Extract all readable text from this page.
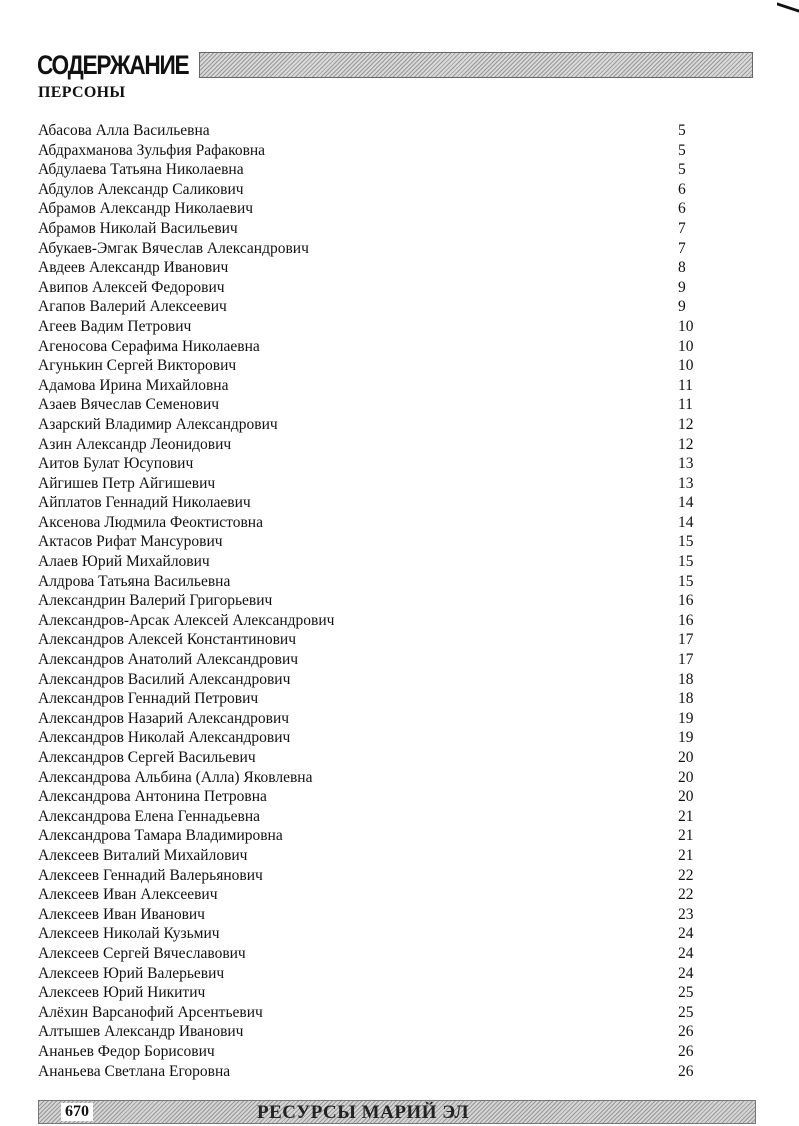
СОДЕРЖАНИЕ
ПЕРСОНЫ
Абасова Алла Васильевна	5
Абдрахманова Зульфия Рафаковна	5
Абдулаева Татьяна Николаевна	5
Абдулов Александр Саликович	6
Абрамов Александр Николаевич	6
Абрамов Николай Васильевич	7
Абукаев-Эмгак Вячеслав Александрович	7
Авдеев Александр Иванович	8
Авипов Алексей Федорович	9
Агапов Валерий Алексеевич	9
Агеев Вадим Петрович	10
Агеносова Серафима Николаевна	10
Агунькин Сергей Викторович	10
Адамова Ирина Михайловна	11
Азаев Вячеслав Семенович	11
Азарский Владимир Александрович	12
Азин Александр Леонидович	12
Аитов Булат Юсупович	13
Айгишев Петр Айгишевич	13
Айплатов Геннадий Николаевич	14
Аксенова Людмила Феоктистовна	14
Актасов Рифат Мансурович	15
Алаев Юрий Михайлович	15
Алдрова Татьяна Васильевна	15
Александрин Валерий Григорьевич	16
Александров-Арсак Алексей Александрович	16
Александров Алексей Константинович	17
Александров Анатолий Александрович	17
Александров Василий Александрович	18
Александров Геннадий Петрович	18
Александров Назарий Александрович	19
Александров Николай Александрович	19
Александров Сергей Васильевич	20
Александрова Альбина (Алла) Яковлевна	20
Александрова Антонина Петровна	20
Александрова Елена Геннадьевна	21
Александрова Тамара Владимировна	21
Алексеев Виталий Михайлович	21
Алексеев Геннадий Валерьянович	22
Алексеев Иван Алексеевич	22
Алексеев Иван Иванович	23
Алексеев Николай Кузьмич	24
Алексеев Сергей Вячеславович	24
Алексеев Юрий Валерьевич	24
Алексеев Юрий Никитич	25
Алёхин Варсанофий Арсентьевич	25
Алтышев Александр Иванович	26
Ананьев Федор Борисович	26
Ананьева Светлана Егоровна	26
670	РЕСУРСЫ МАРИЙ ЭЛ
